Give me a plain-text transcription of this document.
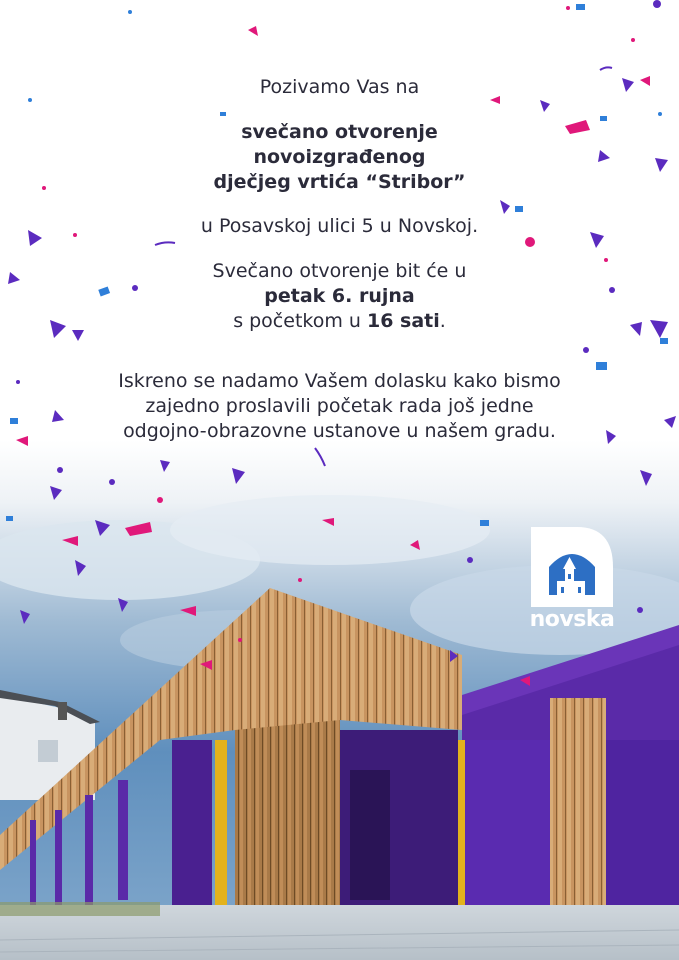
Pozivamo Vas na

svečano otvorenje

novoizgrađenog

dječjeg vrtića “Stribor”

u Posavskoj ulici 5 u Novskoj.

Svečano otvorenje bit će u

petak 6. rujna

s početkom u 16 sati.

Iskreno se nadamo Vašem dolasku kako bismo

zajedno proslavili početak rada još jedne

odgojno-obrazovne ustanove u našem gradu.

novska
